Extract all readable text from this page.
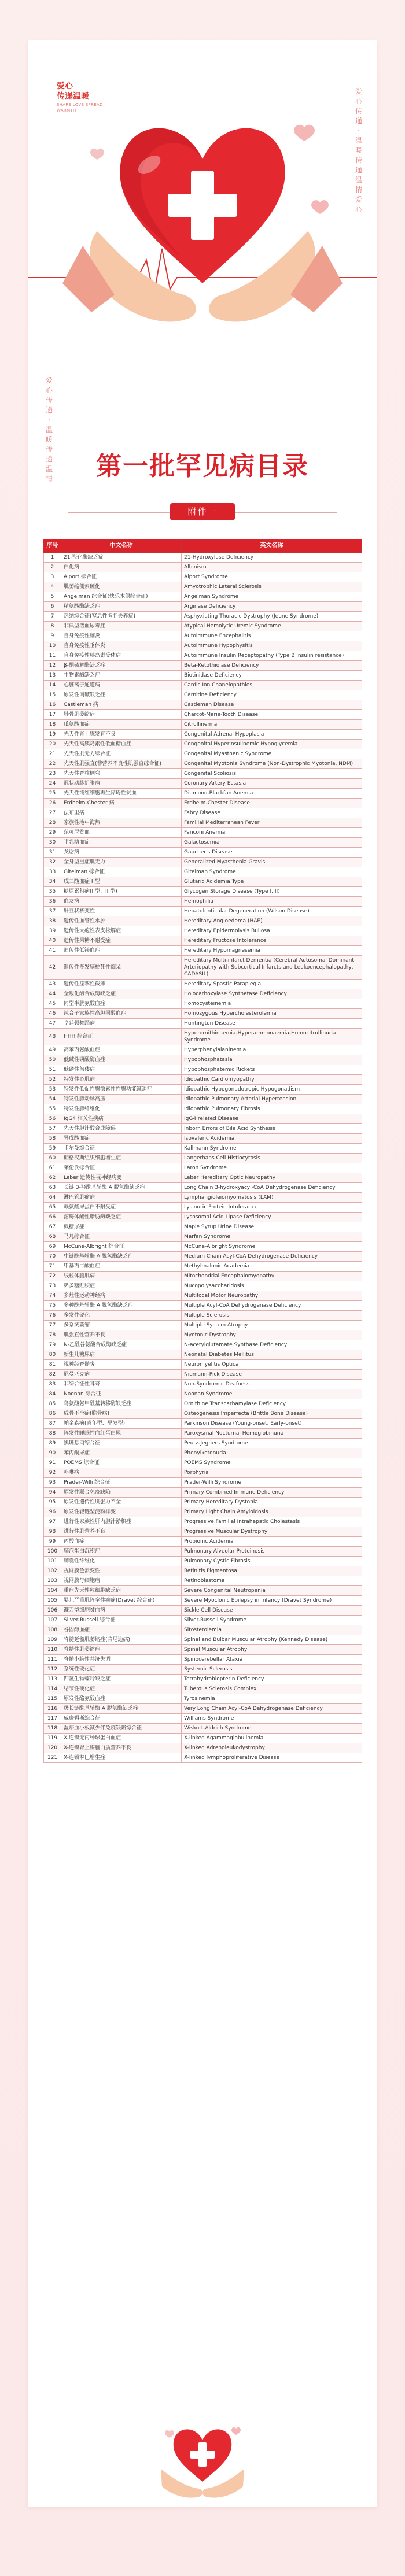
爱心
传递温暖
SHARE LOVE SPREAD WARMTH
爱
心
传
递
·
温
暖
传
递
温
情
爱
心
爱
心
传
递
·
温
暖
传
递
温
情	第一批罕见病目录
附件一
序号	中文名称	英文名称
1	21-羟化酶缺乏症	21-Hydroxylase Deficiency
2	白化病	Albinism
3	Alport 综合征	Alport Syndrome
4	肌萎缩侧索硬化	Amyotrophic Lateral Sclerosis
5	Angelman 综合征(快乐木偶综合征)	Angelman Syndrome
6	精氨酸酶缺乏症	Arginase Deficiency
7	热纳综合征(窒息性胸腔失养症)	Asphyxiating Thoracic Dystrophy (Jeune Syndrome)
8	非典型溶血尿毒症	Atypical Hemolytic Uremic Syndrome
9	自身免疫性脑炎	Autoimmune Encephalitis
10	自身免疫性垂体炎	Autoimmune Hypophysitis
11	自身免疫性胰岛素受体病	Autoimmune Insulin Receptopathy (Type B insulin resistance)
12	β-酮硫解酶缺乏症	Beta-Ketothiolase Deficiency
13	生物素酶缺乏症	Biotinidase Deficiency
14	心脏离子通道病	Cardic Ion Chanelopathies
15	原发性肉碱缺乏症	Carnitine Deficiency
16	Castleman 病	Castleman Disease
17	腓骨肌萎缩症	Charcot-Marie-Tooth Disease
18	瓜氨酸血症	Citrullinemia
19	先天性肾上腺发育不良	Congenital Adrenal Hypoplasia
20	先天性高胰岛素性低血糖血症	Congenital Hyperinsulinemic Hypoglycemia
21	先天性肌无力综合征	Congenital Myasthenic Syndrome
22	先天性肌强直(非营养不良性肌强直综合征)	Congenital Myotonia Syndrome (Non-Dystrophic Myotonia, NDM)
23	先天性脊柱侧弯	Congenital Scoliosis
24	冠状动脉扩张病	Coronary Artery Ectasia
25	先天性纯红细胞再生障碍性贫血	Diamond-Blackfan Anemia
26	Erdheim-Chester 病	Erdheim-Chester Disease
27	法布里病	Fabry Disease
28	家族性地中海热	Familial Mediterranean Fever
29	范可尼贫血	Fanconi Anemia
30	半乳糖血症	Galactosemia
31	戈谢病	Gaucher's Disease
32	全身型重症肌无力	Generalized Myasthenia Gravis
33	Gitelman 综合征	Gitelman Syndrome
34	戊二酸血症 I 型	Glutaric Acidemia Type I
35	糖原累积病(I 型、II 型)	Glycogen Storage Disease (Type I, II)
36	血友病	Hemophilia
37	肝豆状核变性	Hepatolenticular Degeneration (Wilson Disease)
38	遗传性血管性水肿	Hereditary Angioedema (HAE)
39	遗传性大疱性表皮松解症	Hereditary Epidermolysis Bullosa
40	遗传性果糖不耐受症	Hereditary Fructose Intolerance
41	遗传性低镁血症	Hereditary Hypomagnesemia
42	遗传性多发脑梗死性痴呆	Hereditary Multi-infarct Dementia (Cerebral Autosomal Dominant Arteriopathy with Subcortical Infarcts and Leukoencephalopathy, CADASIL)
43	遗传性痉挛性截瘫	Hereditary Spastic Paraplegia
44	全羧化酶合成酶缺乏症	Holocarboxylase Synthetase Deficiency
45	同型半胱氨酸血症	Homocysteinemia
46	纯合子家族性高胆固醇血症	Homozygous Hypercholesterolemia
47	亨廷顿舞蹈病	Huntington Disease
48	HHH 综合征	Hyperornithinaemia-Hyperammonaemia-Homocitrullinuria Syndrome
49	高苯丙氨酸血症	Hyperphenylalaninemia
50	低碱性磷酸酶血症	Hypophosphatasia
51	低磷性佝偻病	Hypophosphatemic Rickets
52	特发性心肌病	Idiopathic Cardiomyopathy
53	特发性低促性腺激素性性腺功能减退症	Idiopathic Hypogonadotropic Hypogonadism
54	特发性肺动脉高压	Idiopathic Pulmonary Arterial Hypertension
55	特发性肺纤维化	Idiopathic Pulmonary Fibrosis
56	IgG4 相关性疾病	IgG4 related Disease
57	先天性胆汁酸合成障碍	Inborn Errors of Bile Acid Synthesis
58	异戊酸血症	Isovaleric Acidemia
59	卡尔曼综合征	Kallmann Syndrome
60	朗格汉斯组织细胞增生症	Langerhans Cell Histiocytosis
61	莱伦氏综合征	Laron Syndrome
62	Leber 遗传性视神经病变	Leber Hereditary Optic Neuropathy
63	长链 3-羟酰基辅酶 A 脱氢酶缺乏症	Long Chain 3-hydroxyacyl-CoA Dehydrogenase Deficiency
64	淋巴管肌瘤病	Lymphangioleiomyomatosis (LAM)
65	赖氨酸尿蛋白不耐受症	Lysinuric Protein Intolerance
66	溶酶体酸性脂肪酶缺乏症	Lysosomal Acid Lipase Deficiency
67	枫糖尿症	Maple Syrup Urine Disease
68	马凡综合征	Marfan Syndrome
69	McCune-Albright 综合征	McCune-Albright Syndrome
70	中链酰基辅酶 A 脱氢酶缺乏症	Medium Chain Acyl-CoA Dehydrogenase Deficiency
71	甲基丙二酸血症	Methylmalonic Academia
72	线粒体脑肌病	Mitochondrial Encephalomyopathy
73	黏多糖贮积症	Mucopolysaccharidosis
74	多灶性运动神经病	Multifocal Motor Neuropathy
75	多种酰基辅酶 A 脱氢酶缺乏症	Multiple Acyl-CoA Dehydrogenase Deficiency
76	多发性硬化	Multiple Sclerosis
77	多系统萎缩	Multiple System Atrophy
78	肌强直性营养不良	Myotonic Dystrophy
79	N-乙酰谷氨酸合成酶缺乏症	N-acetylglutamate Synthase Deficiency
80	新生儿糖尿病	Neonatal Diabetes Mellitus
81	视神经脊髓炎	Neuromyelitis Optica
82	尼曼匹克病	Niemann-Pick Disease
83	非综合征性耳聋	Non-Syndromic Deafness
84	Noonan 综合征	Noonan Syndrome
85	鸟氨酸氨甲酰基转移酶缺乏症	Ornithine Transcarbamylase Deficiency
86	成骨不全症(脆骨病)	Osteogenesis Imperfecta (Brittle Bone Disease)
87	帕金森病(青年型、早发型)	Parkinson Disease (Young-onset, Early-onset)
88	阵发性睡眠性血红蛋白尿	Paroxysmal Nocturnal Hemoglobinuria
89	黑斑息肉综合征	Peutz-Jeghers Syndrome
90	苯丙酮尿症	Phenylketonuria
91	POEMS 综合征	POEMS Syndrome
92	卟啉病	Porphyria
93	Prader-Willi 综合征	Prader-Willi Syndrome
94	原发性联合免疫缺陷	Primary Combined Immune Deficiency
95	原发性遗传性肌张力不全	Primary Hereditary Dystonia
96	原发性轻链型淀粉样变	Primary Light Chain Amyloidosis
97	进行性家族性肝内胆汁淤积症	Progressive Familial Intrahepatic Cholestasis
98	进行性肌营养不良	Progressive Muscular Dystrophy
99	丙酸血症	Propionic Acidemia
100	肺泡蛋白沉积症	Pulmonary Alveolar Proteinosis
101	肺囊性纤维化	Pulmonary Cystic Fibrosis
102	视网膜色素变性	Retinitis Pigmentosa
103	视网膜母细胞瘤	Retinoblastoma
104	重症先天性粒细胞缺乏症	Severe Congenital Neutropenia
105	婴儿严重肌阵挛性癫痫(Dravet 综合征)	Severe Myoclonic Epilepsy in Infancy (Dravet Syndrome)
106	镰刀型细胞贫血病	Sickle Cell Disease
107	Silver-Russell 综合征	Silver-Russell Syndrome
108	谷固醇血症	Sitosterolemia
109	脊髓延髓肌萎缩症(肯尼迪病)	Spinal and Bulbar Muscular Atrophy (Kennedy Disease)
110	脊髓性肌萎缩症	Spinal Muscular Atrophy
111	脊髓小脑性共济失调	Spinocerebellar Ataxia
112	系统性硬化症	Systemic Sclerosis
113	四氢生物蝶呤缺乏症	Tetrahydrobiopterin Deficiency
114	结节性硬化症	Tuberous Sclerosis Complex
115	原发性酪氨酸血症	Tyrosinemia
116	极长链酰基辅酶 A 脱氢酶缺乏症	Very Long Chain Acyl-CoA Dehydrogenase Deficiency
117	威廉姆斯综合征	Williams Syndrome
118	湿疹血小板减少伴免疫缺陷综合征	Wiskott-Aldrich Syndrome
119	X-连锁无丙种球蛋白血症	X-linked Agammaglobulinemia
120	X-连锁肾上腺脑白质营养不良	X-linked Adrenoleukodystrophy
121	X-连锁淋巴增生症	X-linked lymphoproliferative Disease
